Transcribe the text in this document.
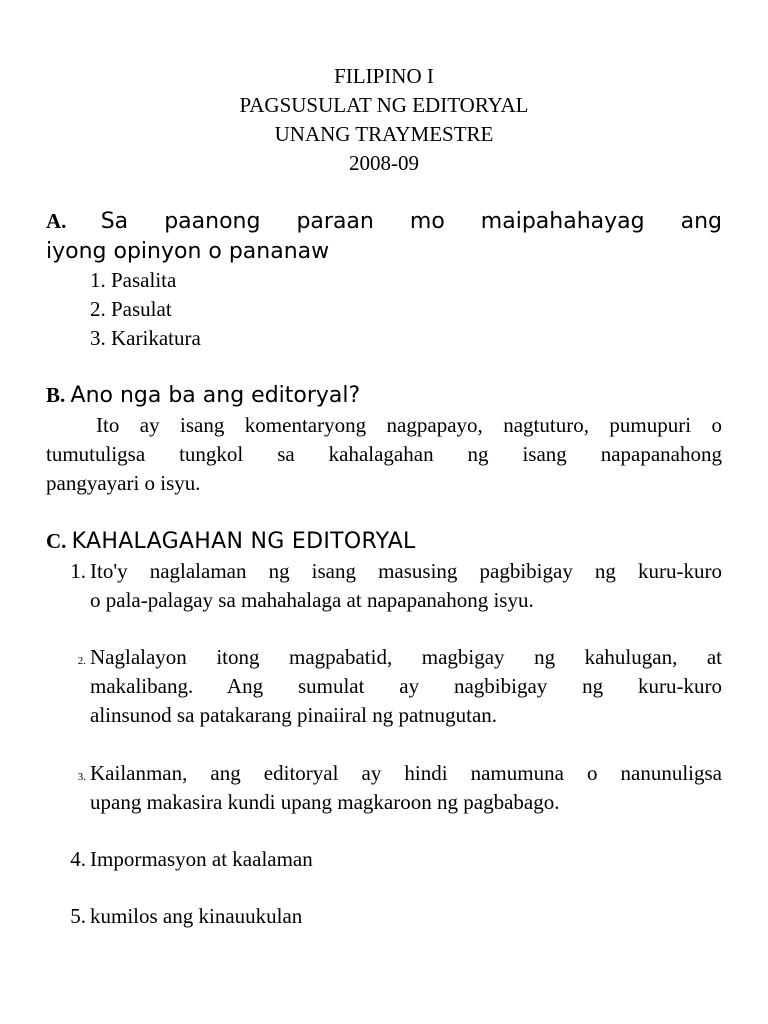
FILIPINO I
PAGSUSULAT NG EDITORYAL
UNANG TRAYMESTRE
2008-09
A. Sa paanong paraan mo maipahahayag ang
iyong opinyon o pananaw
1. Pasalita
2. Pasulat
3. Karikatura
B. Ano nga ba ang editoryal?
Ito ay isang komentaryong nagpapayo, nagtuturo, pumupuri o
tumutuligsa tungkol sa kahalagahan ng isang napapanahong
pangyayari o isyu.
C. KAHALAGAHAN NG EDITORYAL
1. Ito'y naglalaman ng isang masusing pagbibigay ng kuru-kuro
o pala-palagay sa mahahalaga at napapanahong isyu.
2. Naglalayon itong magpabatid, magbigay ng kahulugan, at
makalibang. Ang sumulat ay nagbibigay ng kuru-kuro
alinsunod sa patakarang pinaiiral ng patnugutan.
3. Kailanman, ang editoryal ay hindi namumuna o nanunuligsa
upang makasira kundi upang magkaroon ng pagbabago.
4. Impormasyon at kaalaman
5. kumilos ang kinauukulan
